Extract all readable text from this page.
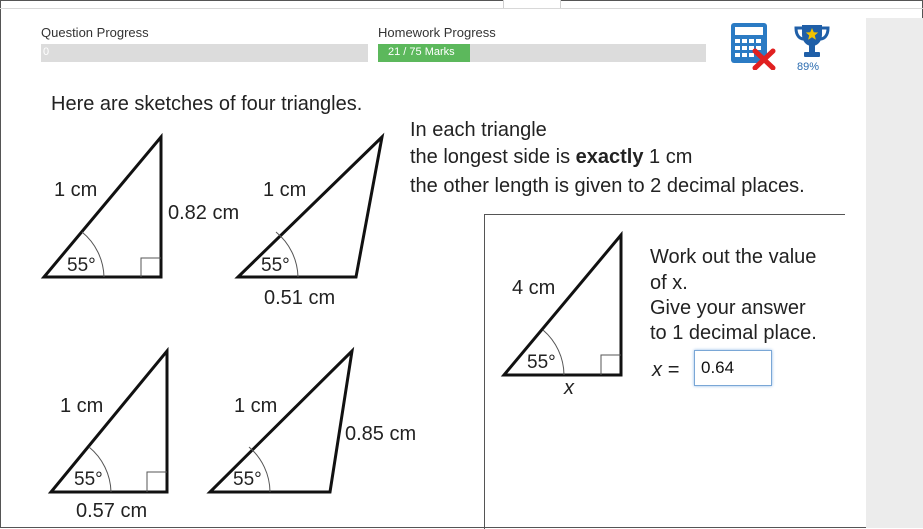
Question Progress
0
Homework Progress
21 / 75 Marks
89%
Here are sketches of four triangles.
In each triangle
the longest side is exactly 1 cm
the other length is given to 2 decimal places.
1 cm
0.82 cm
55°
1 cm
0.51 cm
55°
1 cm
0.57 cm
55°
1 cm
0.85 cm
55°
4 cm
55°
x
Work out the value
of x.
Give your answer
to 1 decimal place.
x =
0.64
